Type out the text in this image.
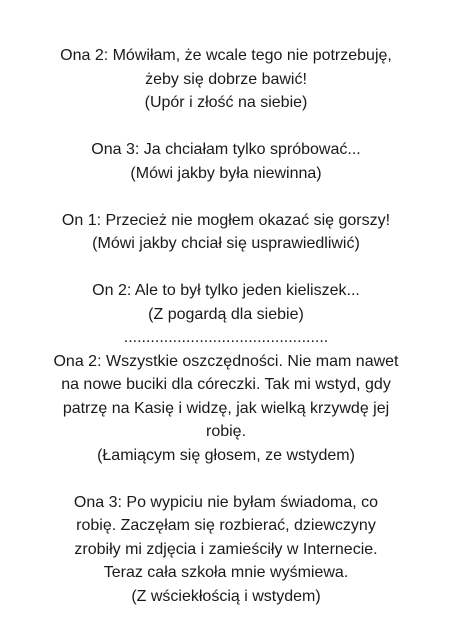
Ona 2: Mówiłam, że wcale tego nie potrzebuję,
żeby się dobrze bawić!
(Upór i złość na siebie)
Ona 3: Ja chciałam tylko spróbować...
(Mówi jakby była niewinna)
On 1: Przecież nie mogłem okazać się gorszy!
(Mówi jakby chciał się usprawiedliwić)
On 2: Ale to był tylko jeden kieliszek...
(Z pogardą dla siebie)
..............................................
Ona 2: Wszystkie oszczędności. Nie mam nawet
na nowe buciki dla córeczki. Tak mi wstyd, gdy
patrzę na Kasię i widzę, jak wielką krzywdę jej
robię.
(Łamiącym się głosem, ze wstydem)
Ona 3: Po wypiciu nie byłam świadoma, co
robię. Zaczęłam się rozbierać, dziewczyny
zrobiły mi zdjęcia i zamieściły w Internecie.
Teraz cała szkoła mnie wyśmiewa.
(Z wściekłością i wstydem)
